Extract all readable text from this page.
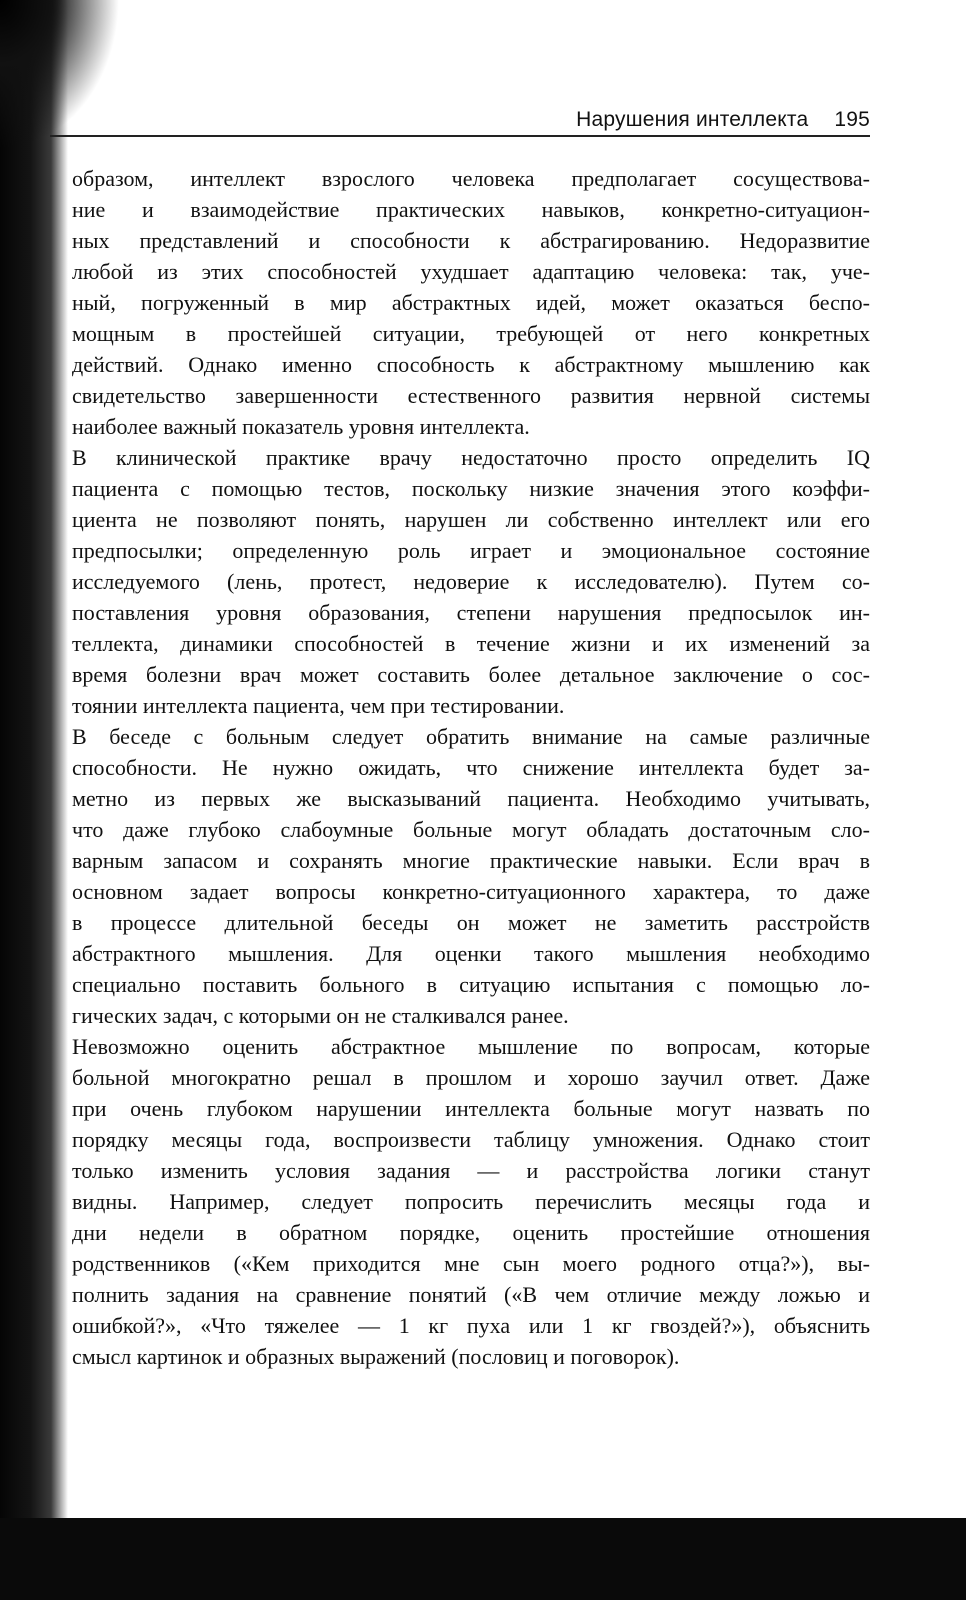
Нарушения интеллекта 195
образом, интеллект взрослого человека предполагает сосуществова-
ние и взаимодействие практических навыков, конкретно-ситуацион-
ных представлений и способности к абстрагированию. Недоразвитие
любой из этих способностей ухудшает адаптацию человека: так, уче-
ный, погруженный в мир абстрактных идей, может оказаться беспо-
мощным в простейшей ситуации, требующей от него конкретных
действий. Однако именно способность к абстрактному мышлению как
свидетельство завершенности естественного развития нервной системы
наиболее важный показатель уровня интеллекта.
В клинической практике врачу недостаточно просто определить IQ
пациента с помощью тестов, поскольку низкие значения этого коэффи-
циента не позволяют понять, нарушен ли собственно интеллект или его
предпосылки; определенную роль играет и эмоциональное состояние
исследуемого (лень, протест, недоверие к исследователю). Путем со-
поставления уровня образования, степени нарушения предпосылок ин-
теллекта, динамики способностей в течение жизни и их изменений за
время болезни врач может составить более детальное заключение о сос-
тоянии интеллекта пациента, чем при тестировании.
В беседе с больным следует обратить внимание на самые различные
способности. Не нужно ожидать, что снижение интеллекта будет за-
метно из первых же высказываний пациента. Необходимо учитывать,
что даже глубоко слабоумные больные могут обладать достаточным сло-
варным запасом и сохранять многие практические навыки. Если врач в
основном задает вопросы конкретно-ситуационного характера, то даже
в процессе длительной беседы он может не заметить расстройств
абстрактного мышления. Для оценки такого мышления необходимо
специально поставить больного в ситуацию испытания с помощью ло-
гических задач, с которыми он не сталкивался ранее.
Невозможно оценить абстрактное мышление по вопросам, которые
больной многократно решал в прошлом и хорошо заучил ответ. Даже
при очень глубоком нарушении интеллекта больные могут назвать по
порядку месяцы года, воспроизвести таблицу умножения. Однако стоит
только изменить условия задания — и расстройства логики станут
видны. Например, следует попросить перечислить месяцы года и
дни недели в обратном порядке, оценить простейшие отношения
родственников («Кем приходится мне сын моего родного отца?»), вы-
полнить задания на сравнение понятий («В чем отличие между ложью и
ошибкой?», «Что тяжелее — 1 кг пуха или 1 кг гвоздей?»), объяснить
смысл картинок и образных выражений (пословиц и поговорок).
